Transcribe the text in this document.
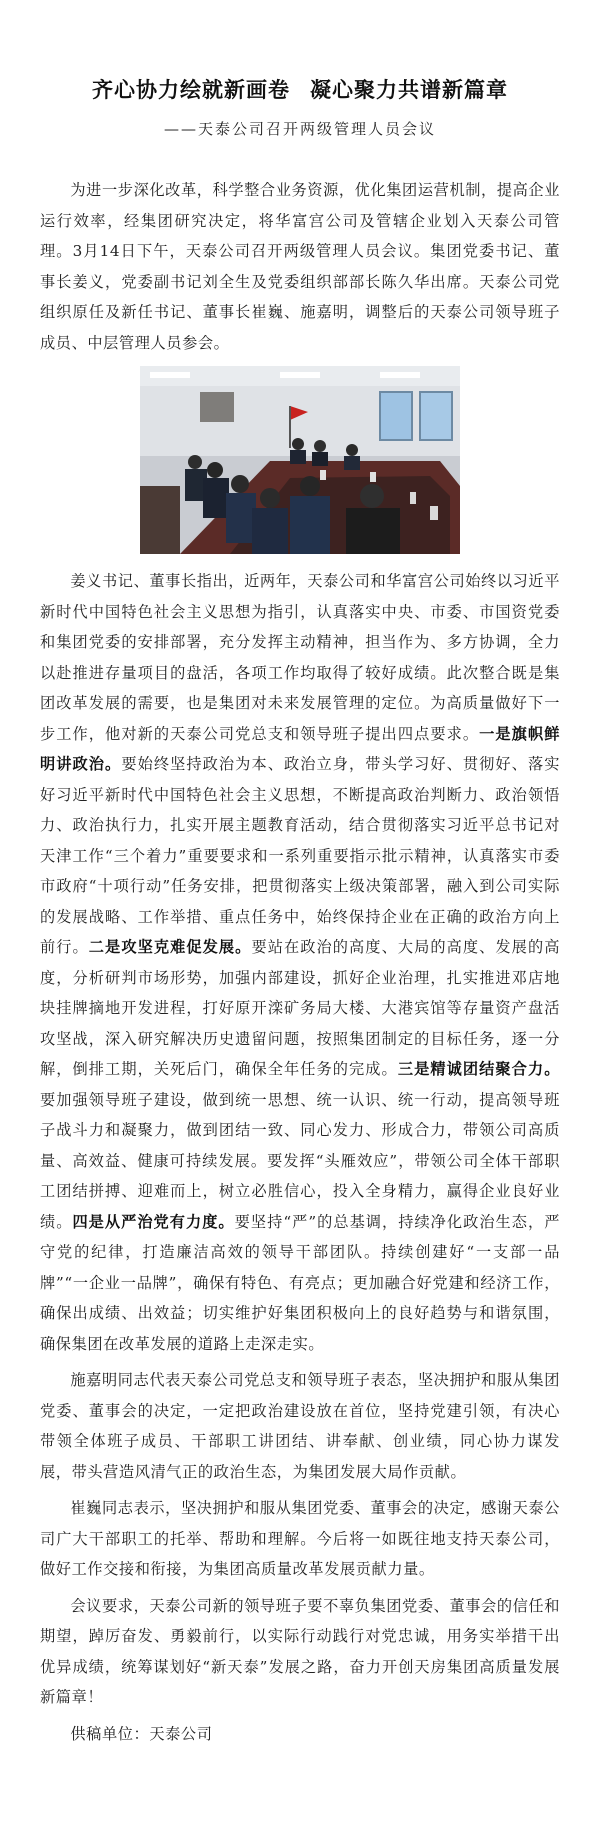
齐心协力绘就新画卷 凝心聚力共谱新篇章
——天泰公司召开两级管理人员会议

为进一步深化改革，科学整合业务资源，优化集团运营机制，提高企业运行效率，经集团研究决定，将华富宫公司及管辖企业划入天泰公司管理。3月14日下午，天泰公司召开两级管理人员会议。集团党委书记、董事长姜义，党委副书记刘全生及党委组织部部长陈久华出席。天泰公司党组织原任及新任书记、董事长崔巍、施嘉明，调整后的天泰公司领导班子成员、中层管理人员参会。

姜义书记、董事长指出，近两年，天泰公司和华富宫公司始终以习近平新时代中国特色社会主义思想为指引，认真落实中央、市委、市国资党委和集团党委的安排部署，充分发挥主动精神，担当作为、多方协调，全力以赴推进存量项目的盘活，各项工作均取得了较好成绩。此次整合既是集团改革发展的需要，也是集团对未来发展管理的定位。为高质量做好下一步工作，他对新的天泰公司党总支和领导班子提出四点要求。一是旗帜鲜明讲政治。要始终坚持政治为本、政治立身，带头学习好、贯彻好、落实好习近平新时代中国特色社会主义思想，不断提高政治判断力、政治领悟力、政治执行力，扎实开展主题教育活动，结合贯彻落实习近平总书记对天津工作“三个着力”重要要求和一系列重要指示批示精神，认真落实市委市政府“十项行动”任务安排，把贯彻落实上级决策部署，融入到公司实际的发展战略、工作举措、重点任务中，始终保持企业在正确的政治方向上前行。二是攻坚克难促发展。要站在政治的高度、大局的高度、发展的高度，分析研判市场形势，加强内部建设，抓好企业治理，扎实推进邓店地块挂牌摘地开发进程，打好原开滦矿务局大楼、大港宾馆等存量资产盘活攻坚战，深入研究解决历史遗留问题，按照集团制定的目标任务，逐一分解，倒排工期，关死后门，确保全年任务的完成。三是精诚团结聚合力。要加强领导班子建设，做到统一思想、统一认识、统一行动，提高领导班子战斗力和凝聚力，做到团结一致、同心发力、形成合力，带领公司高质量、高效益、健康可持续发展。要发挥“头雁效应”，带领公司全体干部职工团结拼搏、迎难而上，树立必胜信心，投入全身精力，赢得企业良好业绩。四是从严治党有力度。要坚持“严”的总基调，持续净化政治生态，严守党的纪律，打造廉洁高效的领导干部团队。持续创建好“一支部一品牌”“一企业一品牌”，确保有特色、有亮点；更加融合好党建和经济工作，确保出成绩、出效益；切实维护好集团积极向上的良好趋势与和谐氛围，确保集团在改革发展的道路上走深走实。

施嘉明同志代表天泰公司党总支和领导班子表态，坚决拥护和服从集团党委、董事会的决定，一定把政治建设放在首位，坚持党建引领，有决心带领全体班子成员、干部职工讲团结、讲奉献、创业绩，同心协力谋发展，带头营造风清气正的政治生态，为集团发展大局作贡献。

崔巍同志表示，坚决拥护和服从集团党委、董事会的决定，感谢天泰公司广大干部职工的托举、帮助和理解。今后将一如既往地支持天泰公司，做好工作交接和衔接，为集团高质量改革发展贡献力量。

会议要求，天泰公司新的领导班子要不辜负集团党委、董事会的信任和期望，踔厉奋发、勇毅前行，以实际行动践行对党忠诚，用务实举措干出优异成绩，统筹谋划好“新天泰”发展之路，奋力开创天房集团高质量发展新篇章！

供稿单位：天泰公司
